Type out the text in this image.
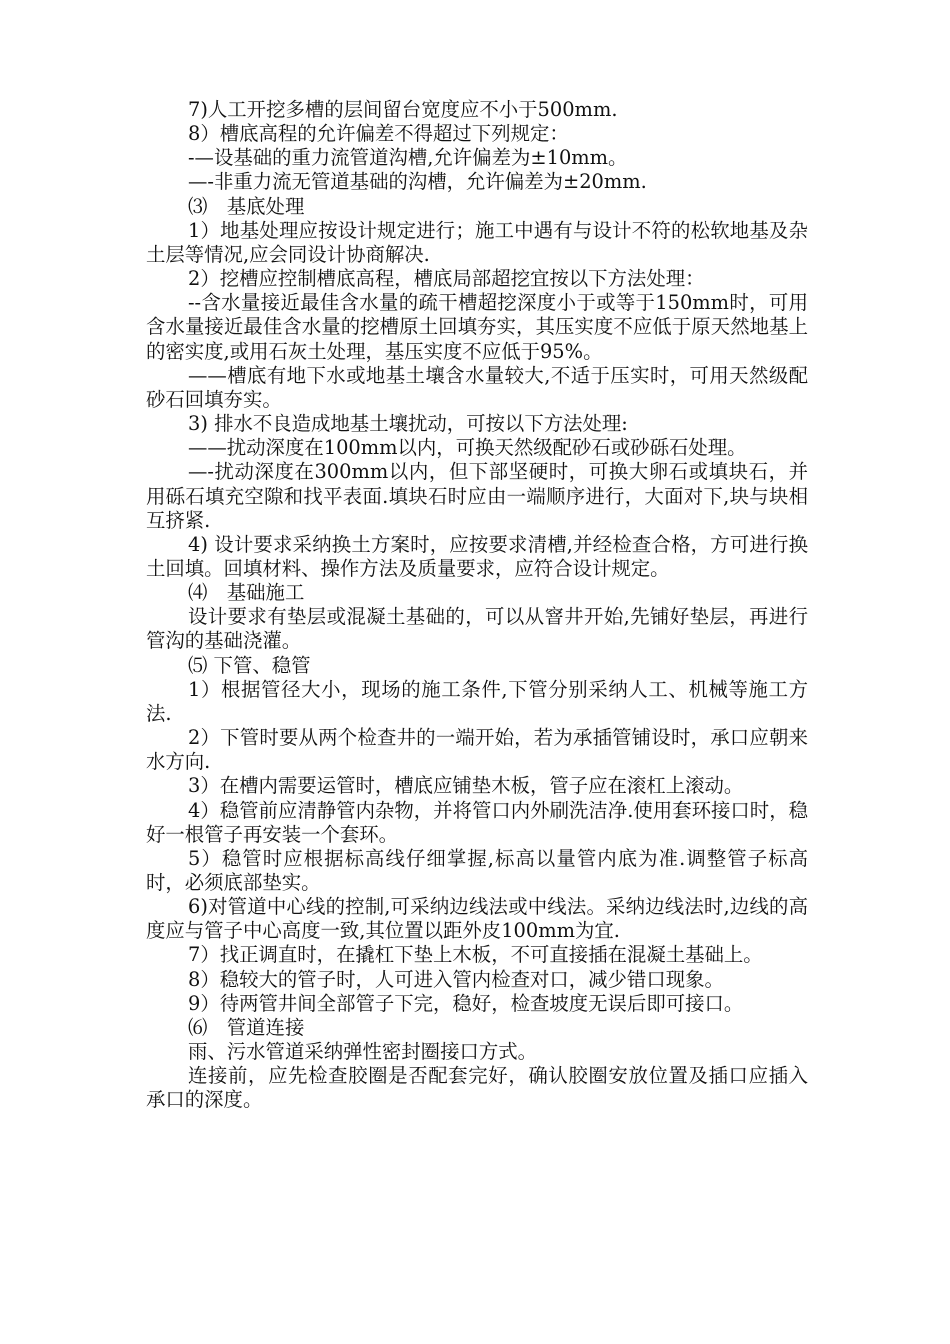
7)人工开挖多槽的层间留台宽度应不小于500mm.

8）槽底高程的允许偏差不得超过下列规定：

-—设基础的重力流管道沟槽,允许偏差为±10mm。

—-非重力流无管道基础的沟槽，允许偏差为±20mm.

⑶　基底处理

1）地基处理应按设计规定进行；施工中遇有与设计不符的松软地基及杂土层等情况,应会同设计协商解决.

2）挖槽应控制槽底高程，槽底局部超挖宜按以下方法处理：

--含水量接近最佳含水量的疏干槽超挖深度小于或等于150mm时，可用含水量接近最佳含水量的挖槽原土回填夯实，其压实度不应低于原天然地基上的密实度,或用石灰土处理，基压实度不应低于95%。

——槽底有地下水或地基土壤含水量较大,不适于压实时，可用天然级配砂石回填夯实。

3) 排水不良造成地基土壤扰动，可按以下方法处理:

——扰动深度在100mm以内，可换天然级配砂石或砂砾石处理。

—-扰动深度在300mm以内，但下部坚硬时，可换大卵石或填块石，并用砾石填充空隙和找平表面.填块石时应由一端顺序进行，大面对下,块与块相互挤紧.

4) 设计要求采纳换土方案时，应按要求清槽,并经检查合格，方可进行换土回填。回填材料、操作方法及质量要求，应符合设计规定。

⑷　基础施工

设计要求有垫层或混凝土基础的，可以从窨井开始,先铺好垫层，再进行管沟的基础浇灌。

⑸ 下管、稳管

1）根据管径大小，现场的施工条件,下管分别采纳人工、机械等施工方法.

2）下管时要从两个检查井的一端开始，若为承插管铺设时，承口应朝来水方向.

3）在槽内需要运管时，槽底应铺垫木板，管子应在滚杠上滚动。

4）稳管前应清静管内杂物，并将管口内外刷洗洁净.使用套环接口时，稳好一根管子再安装一个套环。

5）稳管时应根据标高线仔细掌握,标高以量管内底为准.调整管子标高时，必须底部垫实。

6)对管道中心线的控制,可采纳边线法或中线法。采纳边线法时,边线的高度应与管子中心高度一致,其位置以距外皮100mm为宜.

7）找正调直时，在撬杠下垫上木板，不可直接插在混凝土基础上。

8）稳较大的管子时，人可进入管内检查对口，减少错口现象。

9）待两管井间全部管子下完，稳好，检查坡度无误后即可接口。

⑹　管道连接

雨、污水管道采纳弹性密封圈接口方式。

连接前，应先检查胶圈是否配套完好，确认胶圈安放位置及插口应插入承口的深度。
